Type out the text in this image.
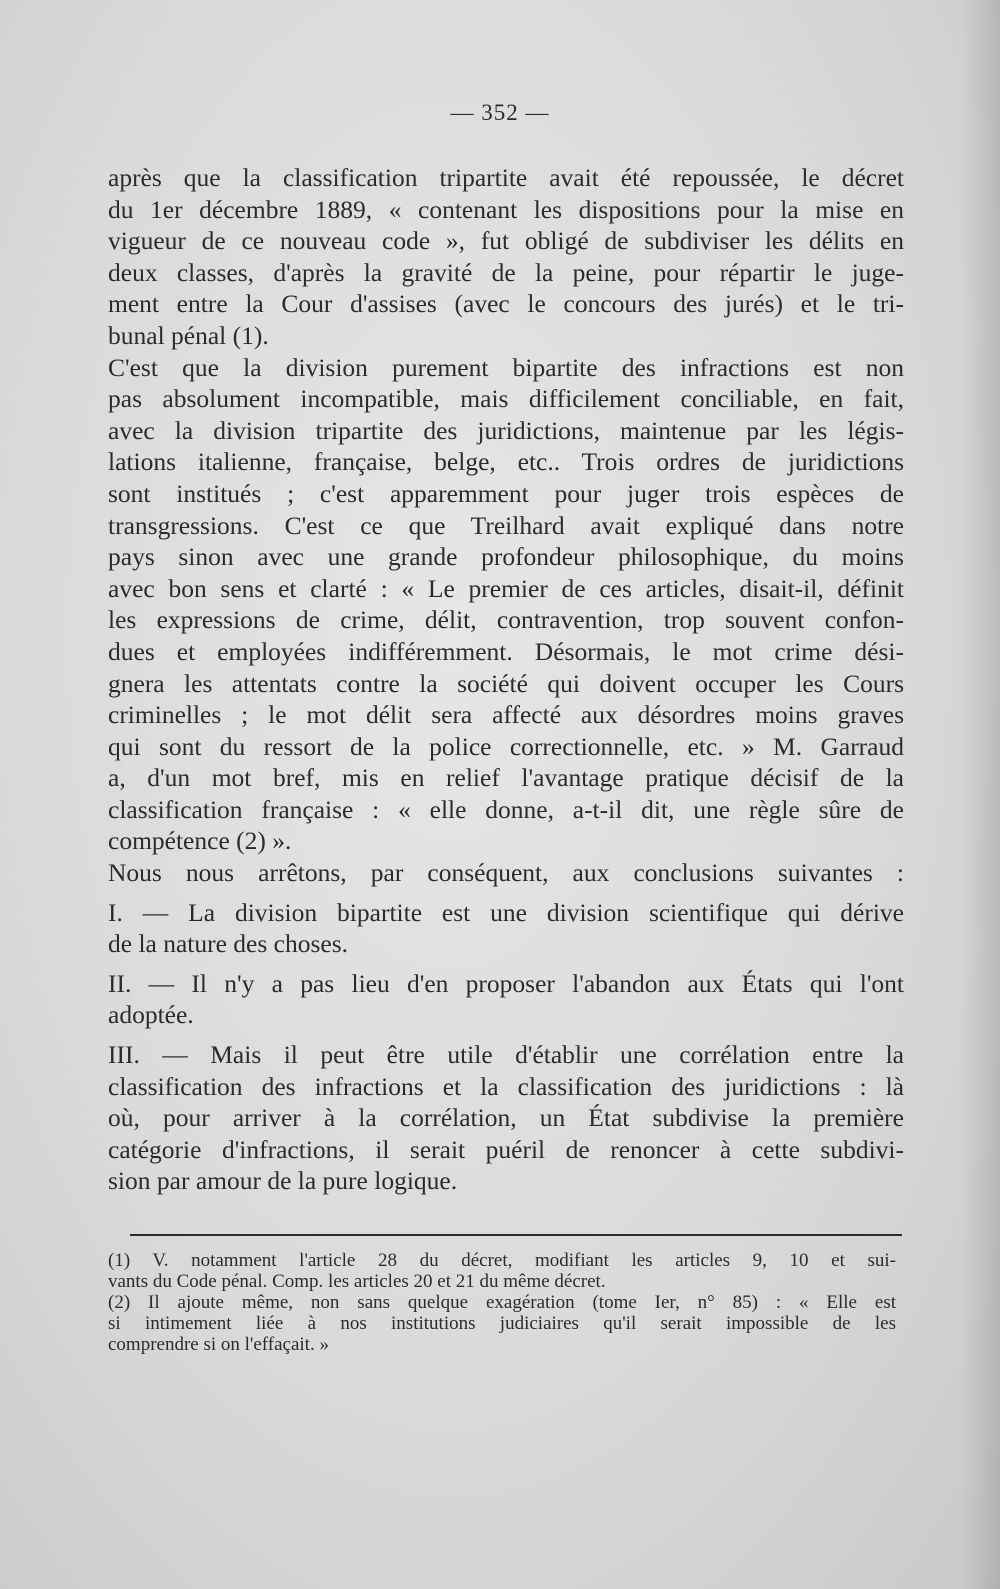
— 352 —
après que la classification tripartite avait été repoussée, le décret
du 1er décembre 1889, « contenant les dispositions pour la mise en
vigueur de ce nouveau code », fut obligé de subdiviser les délits en
deux classes, d'après la gravité de la peine, pour répartir le juge-
ment entre la Cour d'assises (avec le concours des jurés) et le tri-
bunal pénal (1).
C'est que la division purement bipartite des infractions est non
pas absolument incompatible, mais difficilement conciliable, en fait,
avec la division tripartite des juridictions, maintenue par les légis-
lations italienne, française, belge, etc.. Trois ordres de juridictions
sont institués ; c'est apparemment pour juger trois espèces de
transgressions. C'est ce que Treilhard avait expliqué dans notre
pays sinon avec une grande profondeur philosophique, du moins
avec bon sens et clarté : « Le premier de ces articles, disait-il, définit
les expressions de crime, délit, contravention, trop souvent confon-
dues et employées indifféremment. Désormais, le mot crime dési-
gnera les attentats contre la société qui doivent occuper les Cours
criminelles ; le mot délit sera affecté aux désordres moins graves
qui sont du ressort de la police correctionnelle, etc. » M. Garraud
a, d'un mot bref, mis en relief l'avantage pratique décisif de la
classification française : « elle donne, a-t-il dit, une règle sûre de
compétence (2) ».
Nous nous arrêtons, par conséquent, aux conclusions suivantes :
I. — La division bipartite est une division scientifique qui dérive
de la nature des choses.
II. — Il n'y a pas lieu d'en proposer l'abandon aux États qui l'ont
adoptée.
III. — Mais il peut être utile d'établir une corrélation entre la
classification des infractions et la classification des juridictions : là
où, pour arriver à la corrélation, un État subdivise la première
catégorie d'infractions, il serait puéril de renoncer à cette subdivi-
sion par amour de la pure logique.
(1) V. notamment l'article 28 du décret, modifiant les articles 9, 10 et sui-
vants du Code pénal. Comp. les articles 20 et 21 du même décret.
(2) Il ajoute même, non sans quelque exagération (tome Ier, n° 85) : « Elle est
si intimement liée à nos institutions judiciaires qu'il serait impossible de les
comprendre si on l'effaçait. »
